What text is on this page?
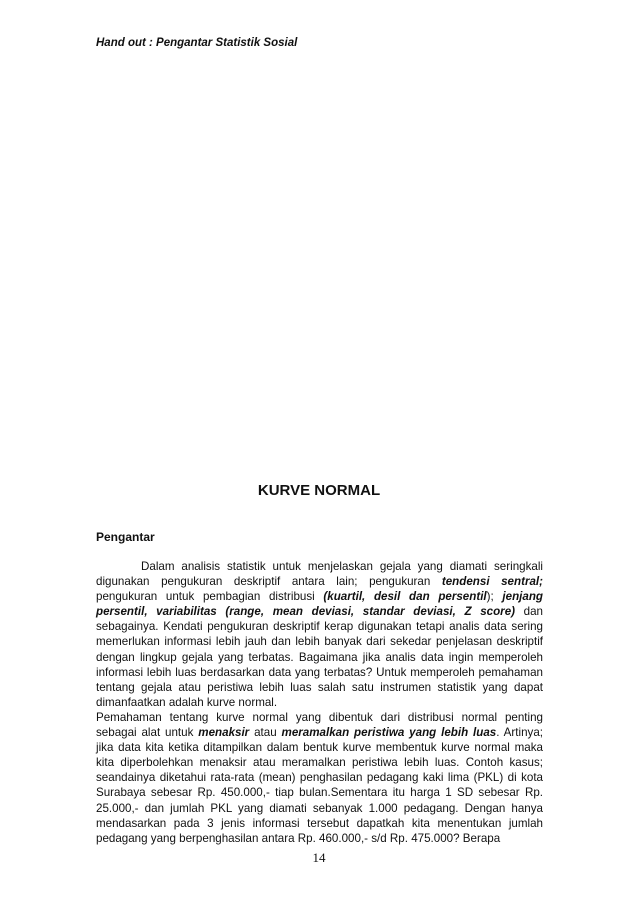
Hand out : Pengantar Statistik Sosial
KURVE NORMAL
Pengantar

Dalam analisis statistik untuk menjelaskan gejala yang diamati seringkali digunakan pengukuran deskriptif antara lain; pengukuran tendensi sentral; pengukuran untuk pembagian distribusi (kuartil, desil dan persentil); jenjang persentil, variabilitas (range, mean deviasi, standar deviasi, Z score) dan sebagainya. Kendati pengukuran deskriptif kerap digunakan tetapi analis data sering memerlukan informasi lebih jauh dan lebih banyak dari sekedar penjelasan deskriptif dengan lingkup gejala yang terbatas. Bagaimana jika analis data ingin memperoleh informasi lebih luas berdasarkan data yang terbatas? Untuk memperoleh pemahaman tentang gejala atau peristiwa lebih luas salah satu instrumen statistik yang dapat dimanfaatkan adalah kurve normal.

Pemahaman tentang kurve normal yang dibentuk dari distribusi normal penting sebagai alat untuk menaksir atau meramalkan peristiwa yang lebih luas. Artinya; jika data kita ketika ditampilkan dalam bentuk kurve membentuk kurve normal maka kita diperbolehkan menaksir atau meramalkan peristiwa lebih luas. Contoh kasus; seandainya diketahui rata-rata (mean) penghasilan pedagang kaki lima (PKL) di kota Surabaya sebesar Rp. 450.000,- tiap bulan.Sementara itu harga 1 SD sebesar Rp. 25.000,- dan jumlah PKL yang diamati sebanyak 1.000 pedagang. Dengan hanya mendasarkan pada 3 jenis informasi tersebut dapatkah kita menentukan jumlah pedagang yang berpenghasilan antara Rp. 460.000,- s/d Rp. 475.000? Berapa

14
